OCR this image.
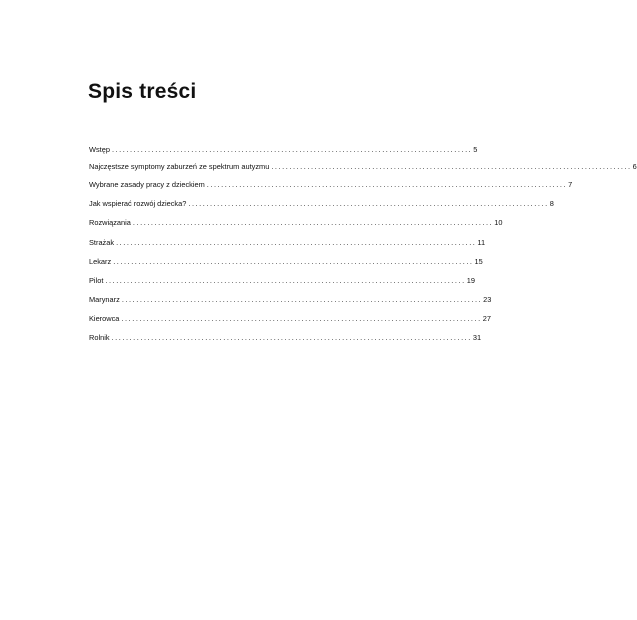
Spis treści
Wstęp .................................................................................................... 5
Najczęstsze symptomy zaburzeń ze spektrum autyzmu .................................................................................................... 6
Wybrane zasady pracy z dzieckiem .................................................................................................... 7
Jak wspierać rozwój dziecka? .................................................................................................... 8
Rozwiązania .................................................................................................... 10
Strażak .................................................................................................... 11
Lekarz .................................................................................................... 15
Pilot .................................................................................................... 19
Marynarz .................................................................................................... 23
Kierowca .................................................................................................... 27
Rolnik .................................................................................................... 31
